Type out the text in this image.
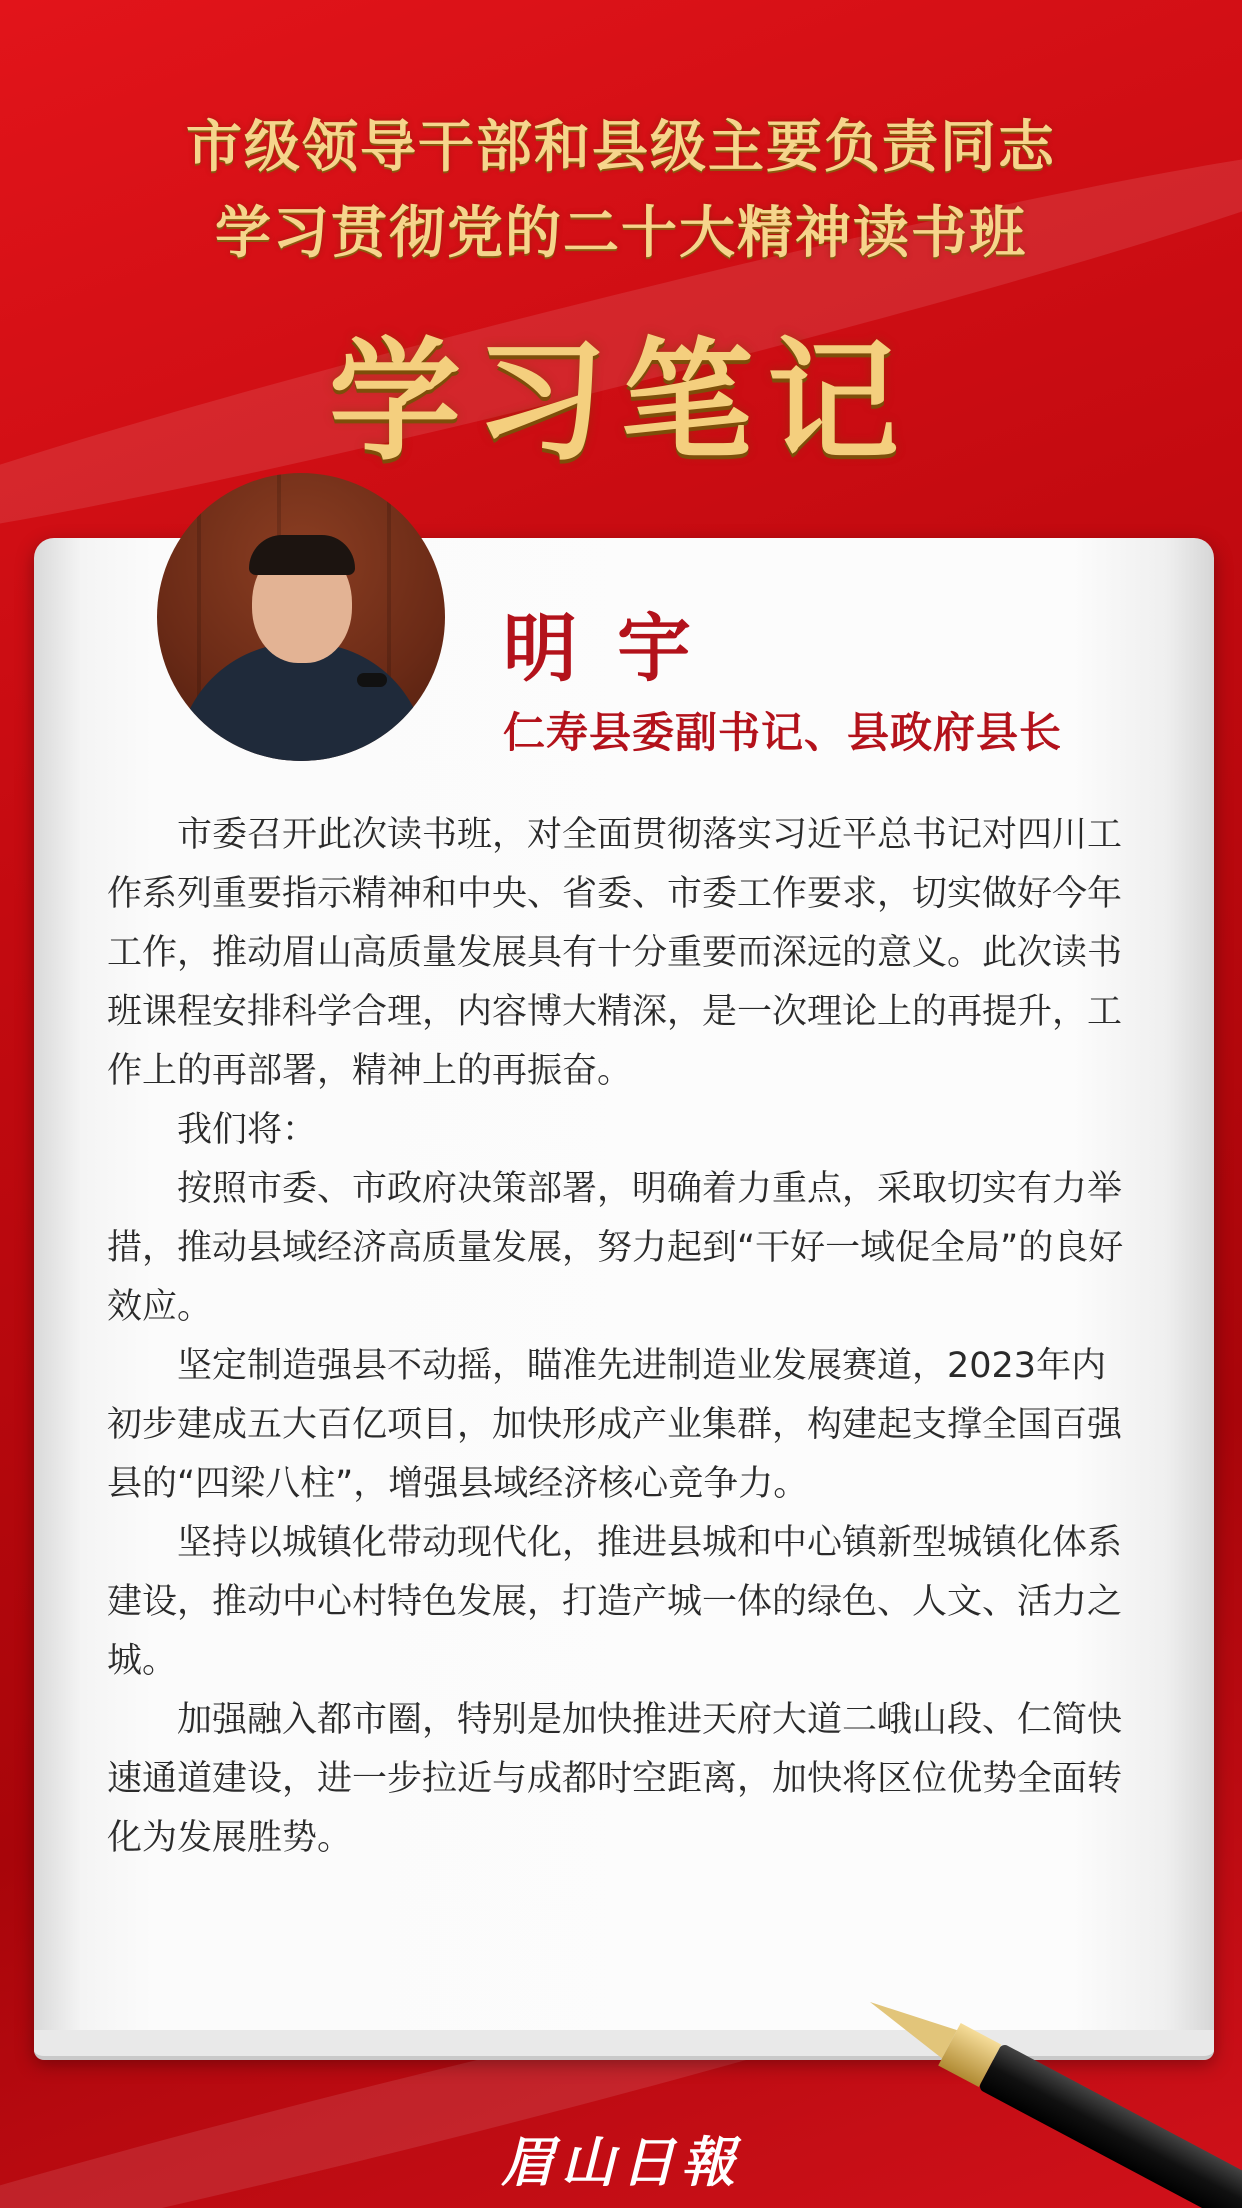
市级领导干部和县级主要负责同志
学习贯彻党的二十大精神读书班
学习笔记
明宇
仁寿县委副书记、县政府县长

市委召开此次读书班，对全面贯彻落实习近平总书记对四川工作系列重要指示精神和中央、省委、市委工作要求，切实做好今年工作，推动眉山高质量发展具有十分重要而深远的意义。此次读书班课程安排科学合理，内容博大精深，是一次理论上的再提升，工作上的再部署，精神上的再振奋。

我们将：

按照市委、市政府决策部署，明确着力重点，采取切实有力举措，推动县域经济高质量发展，努力起到“干好一域促全局”的良好效应。

坚定制造强县不动摇，瞄准先进制造业发展赛道，2023年内初步建成五大百亿项目，加快形成产业集群，构建起支撑全国百强县的“四梁八柱”，增强县域经济核心竞争力。

坚持以城镇化带动现代化，推进县城和中心镇新型城镇化体系建设，推动中心村特色发展，打造产城一体的绿色、人文、活力之城。

加强融入都市圈，特别是加快推进天府大道二峨山段、仁简快速通道建设，进一步拉近与成都时空距离，加快将区位优势全面转化为发展胜势。

眉山日報
